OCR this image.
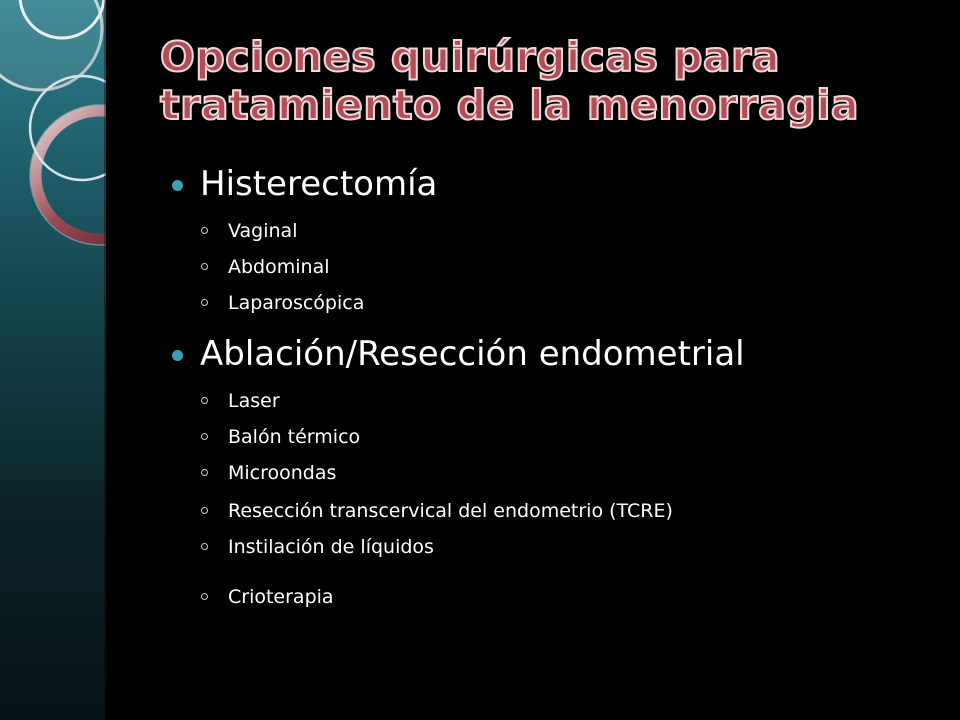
Opciones quirúrgicas para
tratamiento de la menorragia
Histerectomía
Vaginal
Abdominal
Laparoscópica
Ablación/Resección endometrial
Laser
Balón térmico
Microondas
Resección transcervical del endometrio (TCRE)
Instilación de líquidos
Crioterapia
